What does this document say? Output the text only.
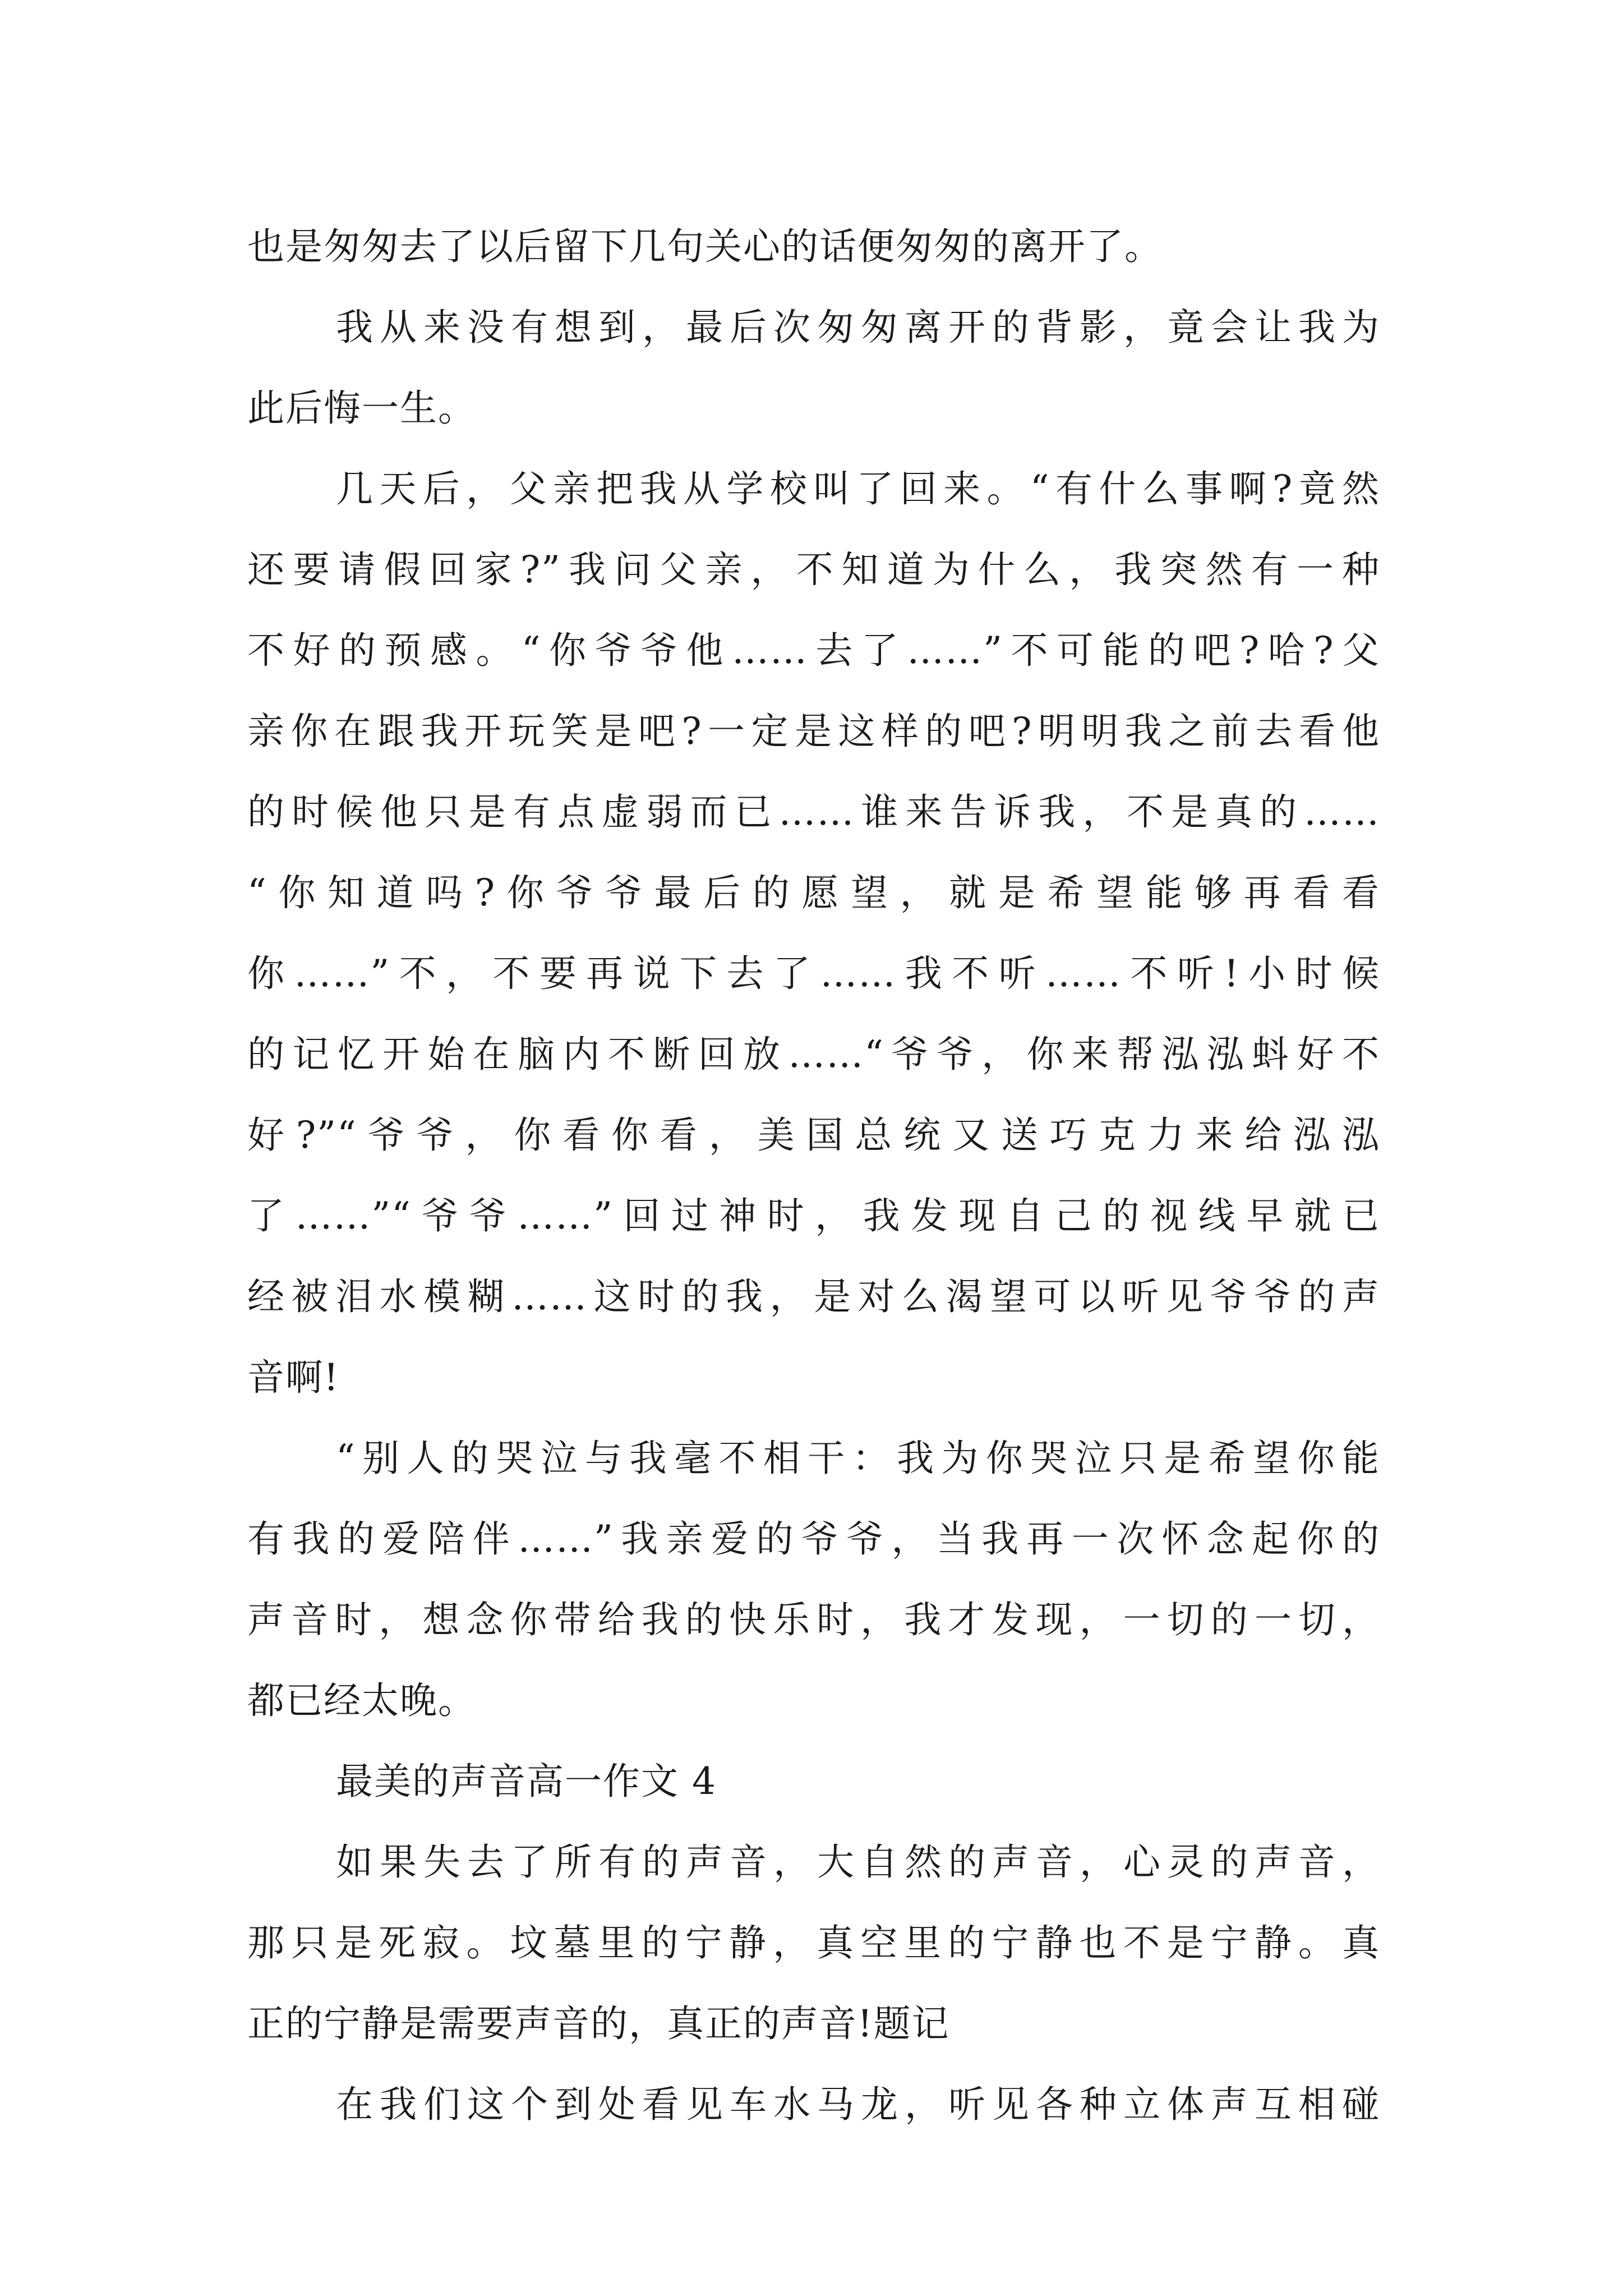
也是匆匆去了以后留下几句关心的话便匆匆的离开了。
我从来没有想到，最后次匆匆离开的背影，竟会让我为
此后悔一生。
几天后，父亲把我从学校叫了回来。“有什么事啊?竟然
还要请假回家?”我问父亲，不知道为什么，我突然有一种
不好的预感。“你爷爷他……去了……”不可能的吧?哈?父
亲你在跟我开玩笑是吧?一定是这样的吧?明明我之前去看他
的时候他只是有点虚弱而已……谁来告诉我，不是真的……
“你知道吗?你爷爷最后的愿望，就是希望能够再看看
你……”不，不要再说下去了……我不听……不听!小时候
的记忆开始在脑内不断回放……“爷爷，你来帮泓泓蚪好不
好?”“爷爷，你看你看，美国总统又送巧克力来给泓泓
了……”“爷爷……”回过神时，我发现自己的视线早就已
经被泪水模糊……这时的我，是对么渴望可以听见爷爷的声
音啊!
“别人的哭泣与我毫不相干：我为你哭泣只是希望你能
有我的爱陪伴……”我亲爱的爷爷，当我再一次怀念起你的
声音时，想念你带给我的快乐时，我才发现，一切的一切，
都已经太晚。
最美的声音高一作文 4
如果失去了所有的声音，大自然的声音，心灵的声音，
那只是死寂。坟墓里的宁静，真空里的宁静也不是宁静。真
正的宁静是需要声音的，真正的声音!题记
在我们这个到处看见车水马龙，听见各种立体声互相碰
